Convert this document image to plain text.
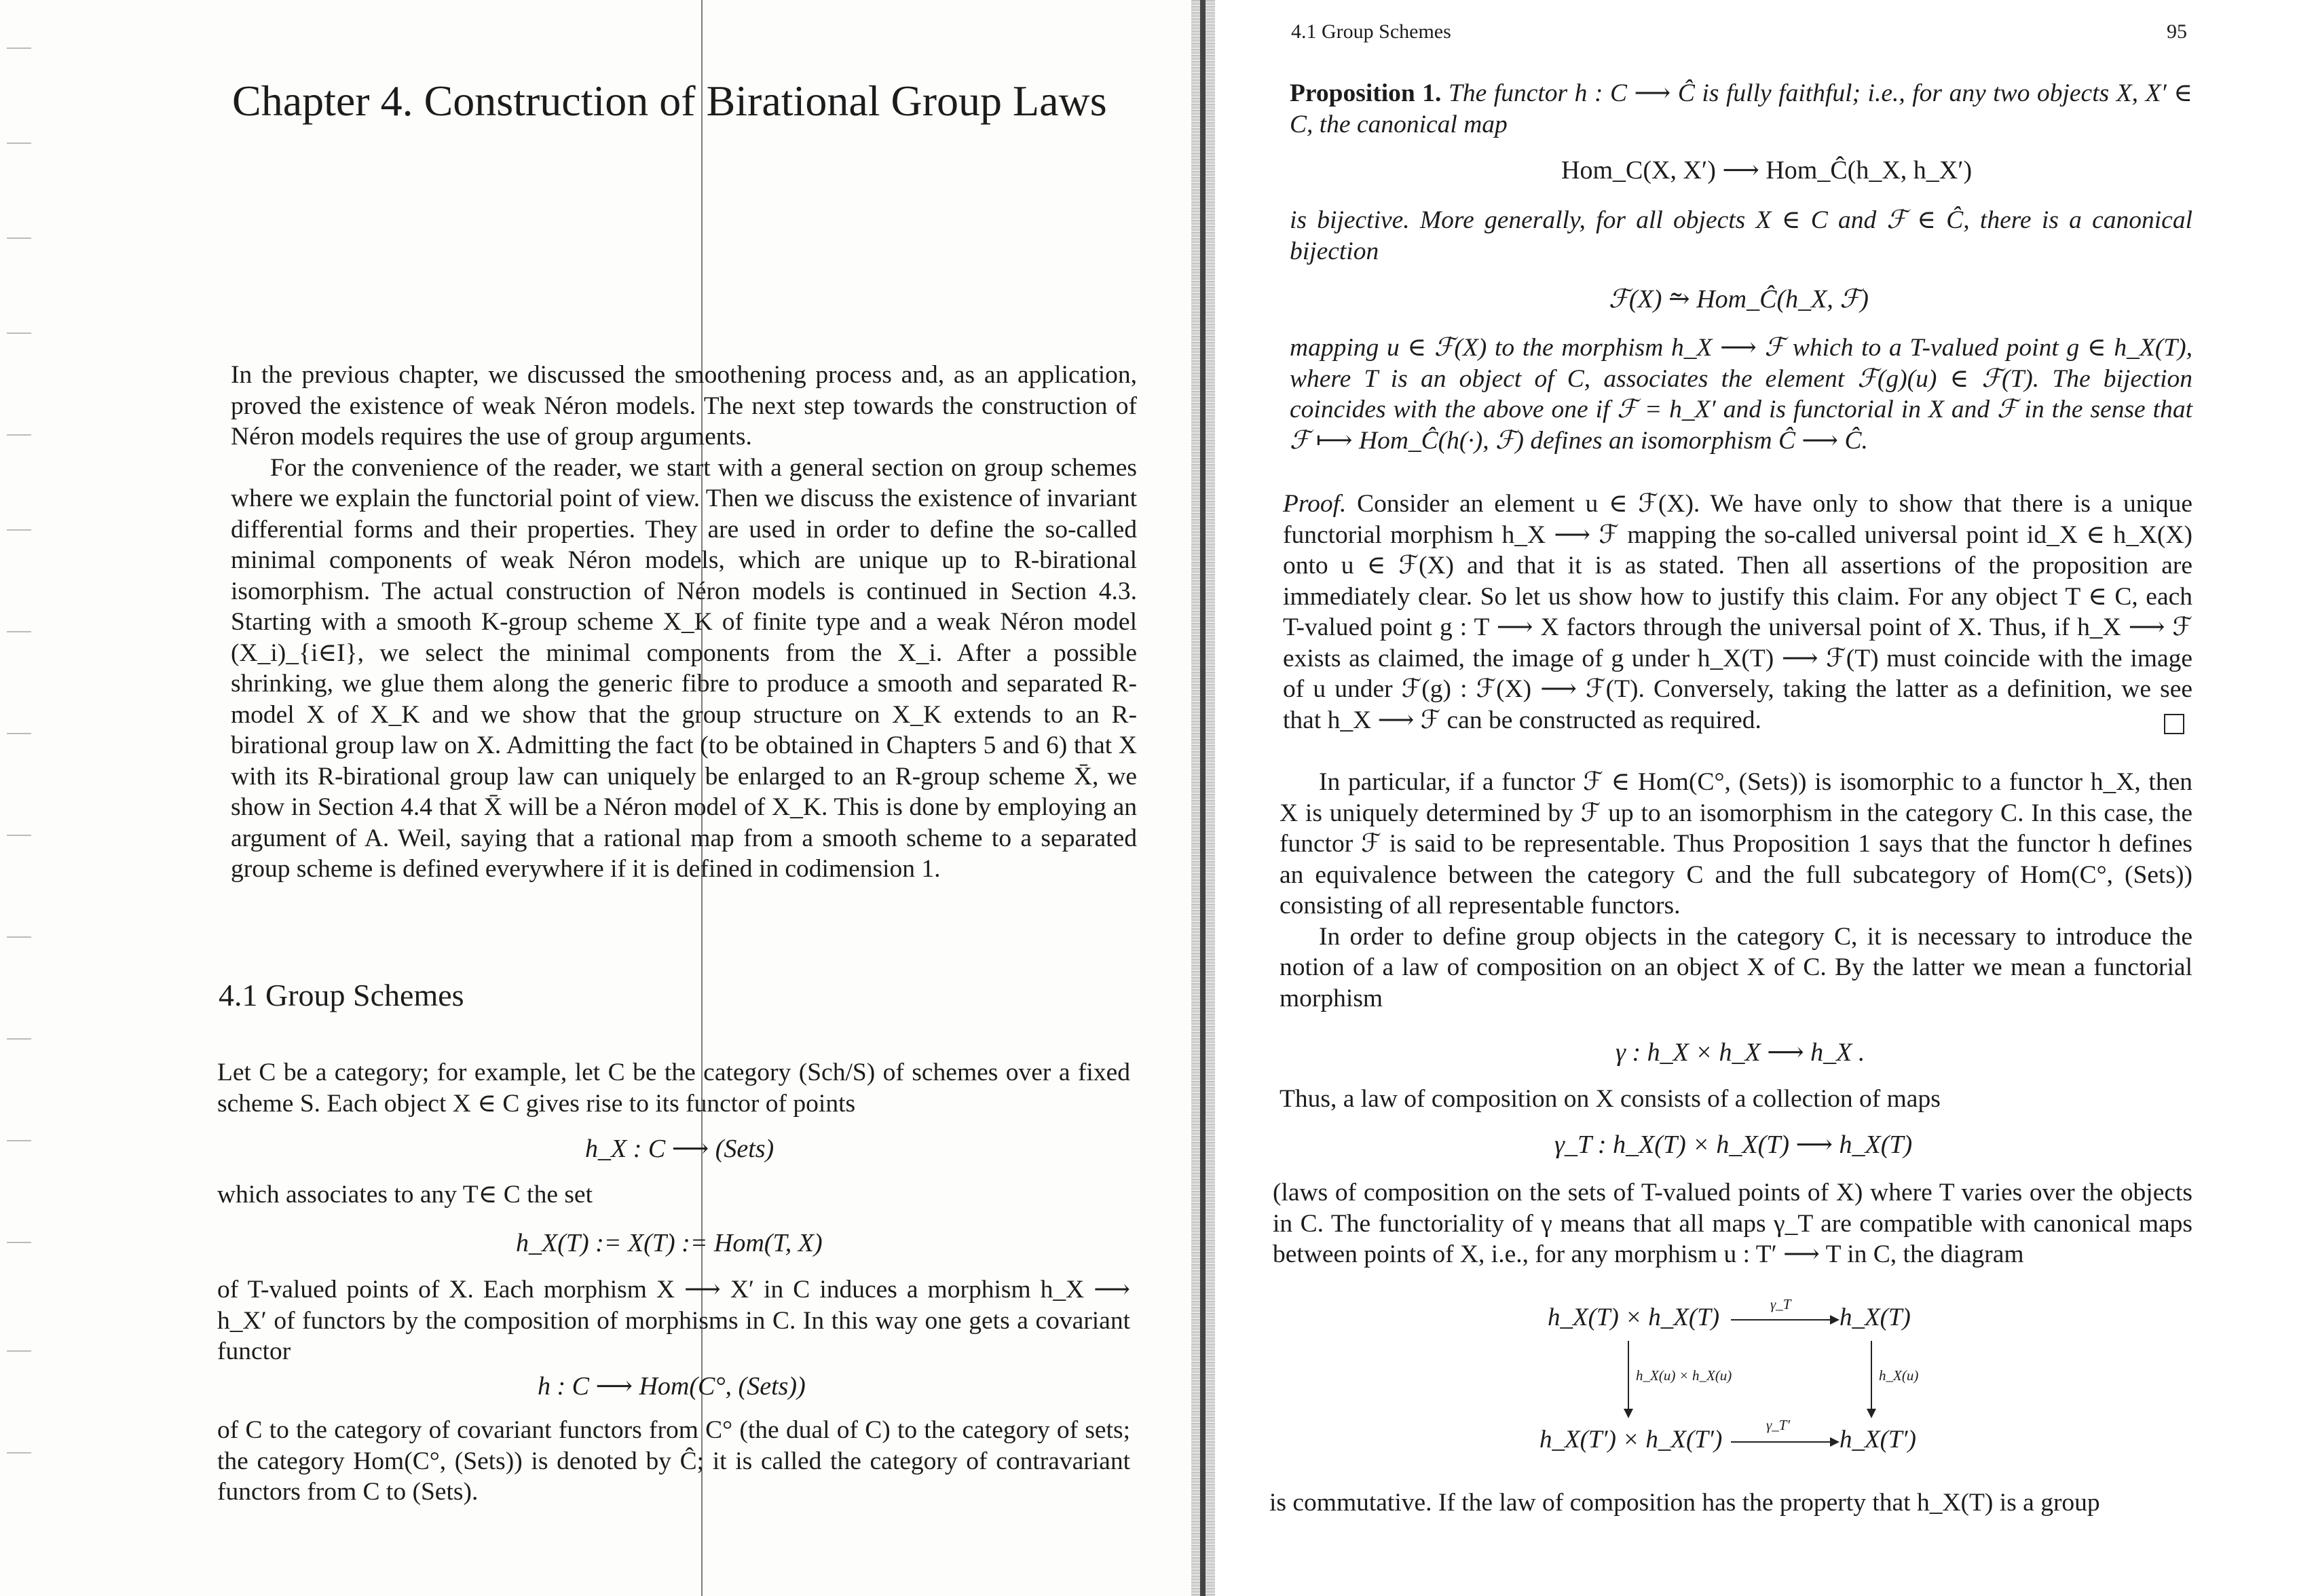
Chapter 4. Construction of Birational Group Laws

In the previous chapter, we discussed the smoothening process and, as an application, proved the existence of weak Néron models. The next step towards the construction of Néron models requires the use of group arguments.

For the convenience of the reader, we start with a general section on group schemes where we explain the functorial point of view. Then we discuss the existence of invariant differential forms and their properties. They are used in order to define the so-called minimal components of weak Néron models, which are unique up to R-birational isomorphism. The actual construction of Néron models is continued in Section 4.3. Starting with a smooth K-group scheme X_K of finite type and a weak Néron model (X_i)_{i∈I}, we select the minimal components from the X_i. After a possible shrinking, we glue them along the generic fibre to produce a smooth and separated R-model X of X_K and we show that the group structure on X_K extends to an R-birational group law on X. Admitting the fact (to be obtained in Chapters 5 and 6) that X with its R-birational group law can uniquely be enlarged to an R-group scheme X̄, we show in Section 4.4 that X̄ will be a Néron model of X_K. This is done by employing an argument of A. Weil, saying that a rational map from a smooth scheme to a separated group scheme is defined everywhere if it is defined in codimension 1.

4.1 Group Schemes
Let C be a category; for example, let C be the category (Sch/S) of schemes over a fixed scheme S. Each object X ∈ C gives rise to its functor of points
h_X : C ⟶ (Sets)
which associates to any T∈ C the set
h_X(T) := X(T) := Hom(T, X)
of T-valued points of X. Each morphism X ⟶ X′ in C induces a morphism h_X ⟶ h_X′ of functors by the composition of morphisms in C. In this way one gets a covariant functor
h : C ⟶ Hom(C°, (Sets))
of C to the category of covariant functors from C° (the dual of C) to the category of sets; the category Hom(C°, (Sets)) is denoted by Ĉ; it is called the category of contravariant functors from C to (Sets).
4.1 Group Schemes	95

Proposition 1. The functor h : C ⟶ Ĉ is fully faithful; i.e., for any two objects X, X′ ∈ C, the canonical map

Hom_C(X, X′) ⟶ Hom_Ĉ(h_X, h_X′)
is bijective. More generally, for all objects X ∈ C and ℱ ∈ Ĉ, there is a canonical bijection
ℱ(X) ⥲ Hom_Ĉ(h_X, ℱ)
mapping u ∈ ℱ(X) to the morphism h_X ⟶ ℱ which to a T-valued point g ∈ h_X(T), where T is an object of C, associates the element ℱ(g)(u) ∈ ℱ(T). The bijection coincides with the above one if ℱ = h_X′ and is functorial in X and ℱ in the sense that ℱ ⟼ Hom_Ĉ(h(·), ℱ) defines an isomorphism Ĉ ⟶ Ĉ.

Proof. Consider an element u ∈ ℱ(X). We have only to show that there is a unique functorial morphism h_X ⟶ ℱ mapping the so-called universal point id_X ∈ h_X(X) onto u ∈ ℱ(X) and that it is as stated. Then all assertions of the proposition are immediately clear. So let us show how to justify this claim. For any object T ∈ C, each T-valued point g : T ⟶ X factors through the universal point of X. Thus, if h_X ⟶ ℱ exists as claimed, the image of g under h_X(T) ⟶ ℱ(T) must coincide with the image of u under ℱ(g) : ℱ(X) ⟶ ℱ(T). Conversely, taking the latter as a definition, we see that h_X ⟶ ℱ can be constructed as required.

In particular, if a functor ℱ ∈ Hom(C°, (Sets)) is isomorphic to a functor h_X, then X is uniquely determined by ℱ up to an isomorphism in the category C. In this case, the functor ℱ is said to be representable. Thus Proposition 1 says that the functor h defines an equivalence between the category C and the full subcategory of Hom(C°, (Sets)) consisting of all representable functors.

In order to define group objects in the category C, it is necessary to introduce the notion of a law of composition on an object X of C. By the latter we mean a functorial morphism

γ : h_X × h_X ⟶ h_X .
Thus, a law of composition on X consists of a collection of maps
γ_T : h_X(T) × h_X(T) ⟶ h_X(T)
(laws of composition on the sets of T-valued points of X) where T varies over the objects in C. The functoriality of γ means that all maps γ_T are compatible with canonical maps between points of X, i.e., for any morphism u : T′ ⟶ T in C, the diagram
h_X(T) × h_X(T)	γ_T h_X(T)
h_X(u) × h_X(u)	h_X(u)
h_X(T′) × h_X(T′)
γ_T′
h_X(T′)
is commutative. If the law of composition has the property that h_X(T) is a group
